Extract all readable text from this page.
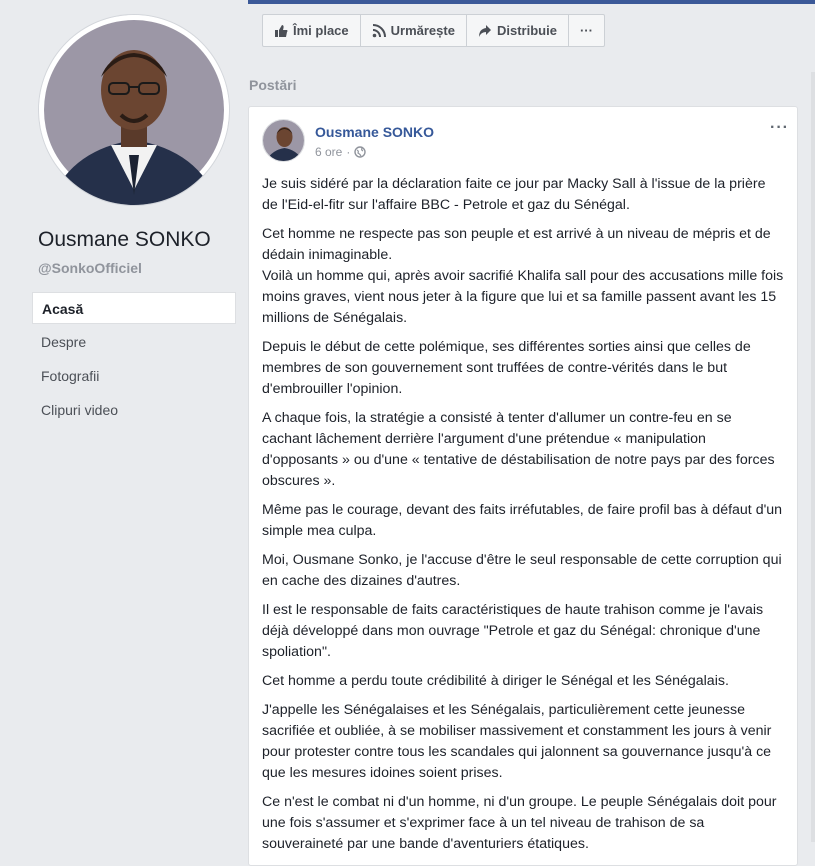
Ousmane SONKO
@SonkoOfficiel
Acasă
Despre
Fotografii
Clipuri video
Îmi place	Urmărește	Distribuie ···
Postări
Ousmane SONKO
6 ore ·
···

Je suis sidéré par la déclaration faite ce jour par Macky Sall à l'issue de la prière de l'Eid-el-fitr sur l'affaire BBC - Petrole et gaz du Sénégal.

Cet homme ne respecte pas son peuple et est arrivé à un niveau de mépris et de dédain inimaginable.
Voilà un homme qui, après avoir sacrifié Khalifa sall pour des accusations mille fois moins graves, vient nous jeter à la figure que lui et sa famille passent avant les 15 millions de Sénégalais.

Depuis le début de cette polémique, ses différentes sorties ainsi que celles de membres de son gouvernement sont truffées de contre-vérités dans le but d'embrouiller l'opinion.

A chaque fois, la stratégie a consisté à tenter d'allumer un contre-feu en se cachant lâchement derrière l'argument d'une prétendue « manipulation d'opposants » ou d'une « tentative de déstabilisation de notre pays par des forces obscures ».

Même pas le courage, devant des faits irréfutables, de faire profil bas à défaut d'un simple mea culpa.

Moi, Ousmane Sonko, je l'accuse d'être le seul responsable de cette corruption qui en cache des dizaines d'autres.

Il est le responsable de faits caractéristiques de haute trahison comme je l'avais déjà développé dans mon ouvrage "Petrole et gaz du Sénégal: chronique d'une spoliation".

Cet homme a perdu toute crédibilité à diriger le Sénégal et les Sénégalais.

J'appelle les Sénégalaises et les Sénégalais, particulièrement cette jeunesse sacrifiée et oubliée, à se mobiliser massivement et constamment les jours à venir pour protester contre tous les scandales qui jalonnent sa gouvernance jusqu'à ce que les mesures idoines soient prises.

Ce n'est le combat ni d'un homme, ni d'un groupe. Le peuple Sénégalais doit pour une fois s'assumer et s'exprimer face à un tel niveau de trahison de sa souveraineté par une bande d'aventuriers étatiques.
